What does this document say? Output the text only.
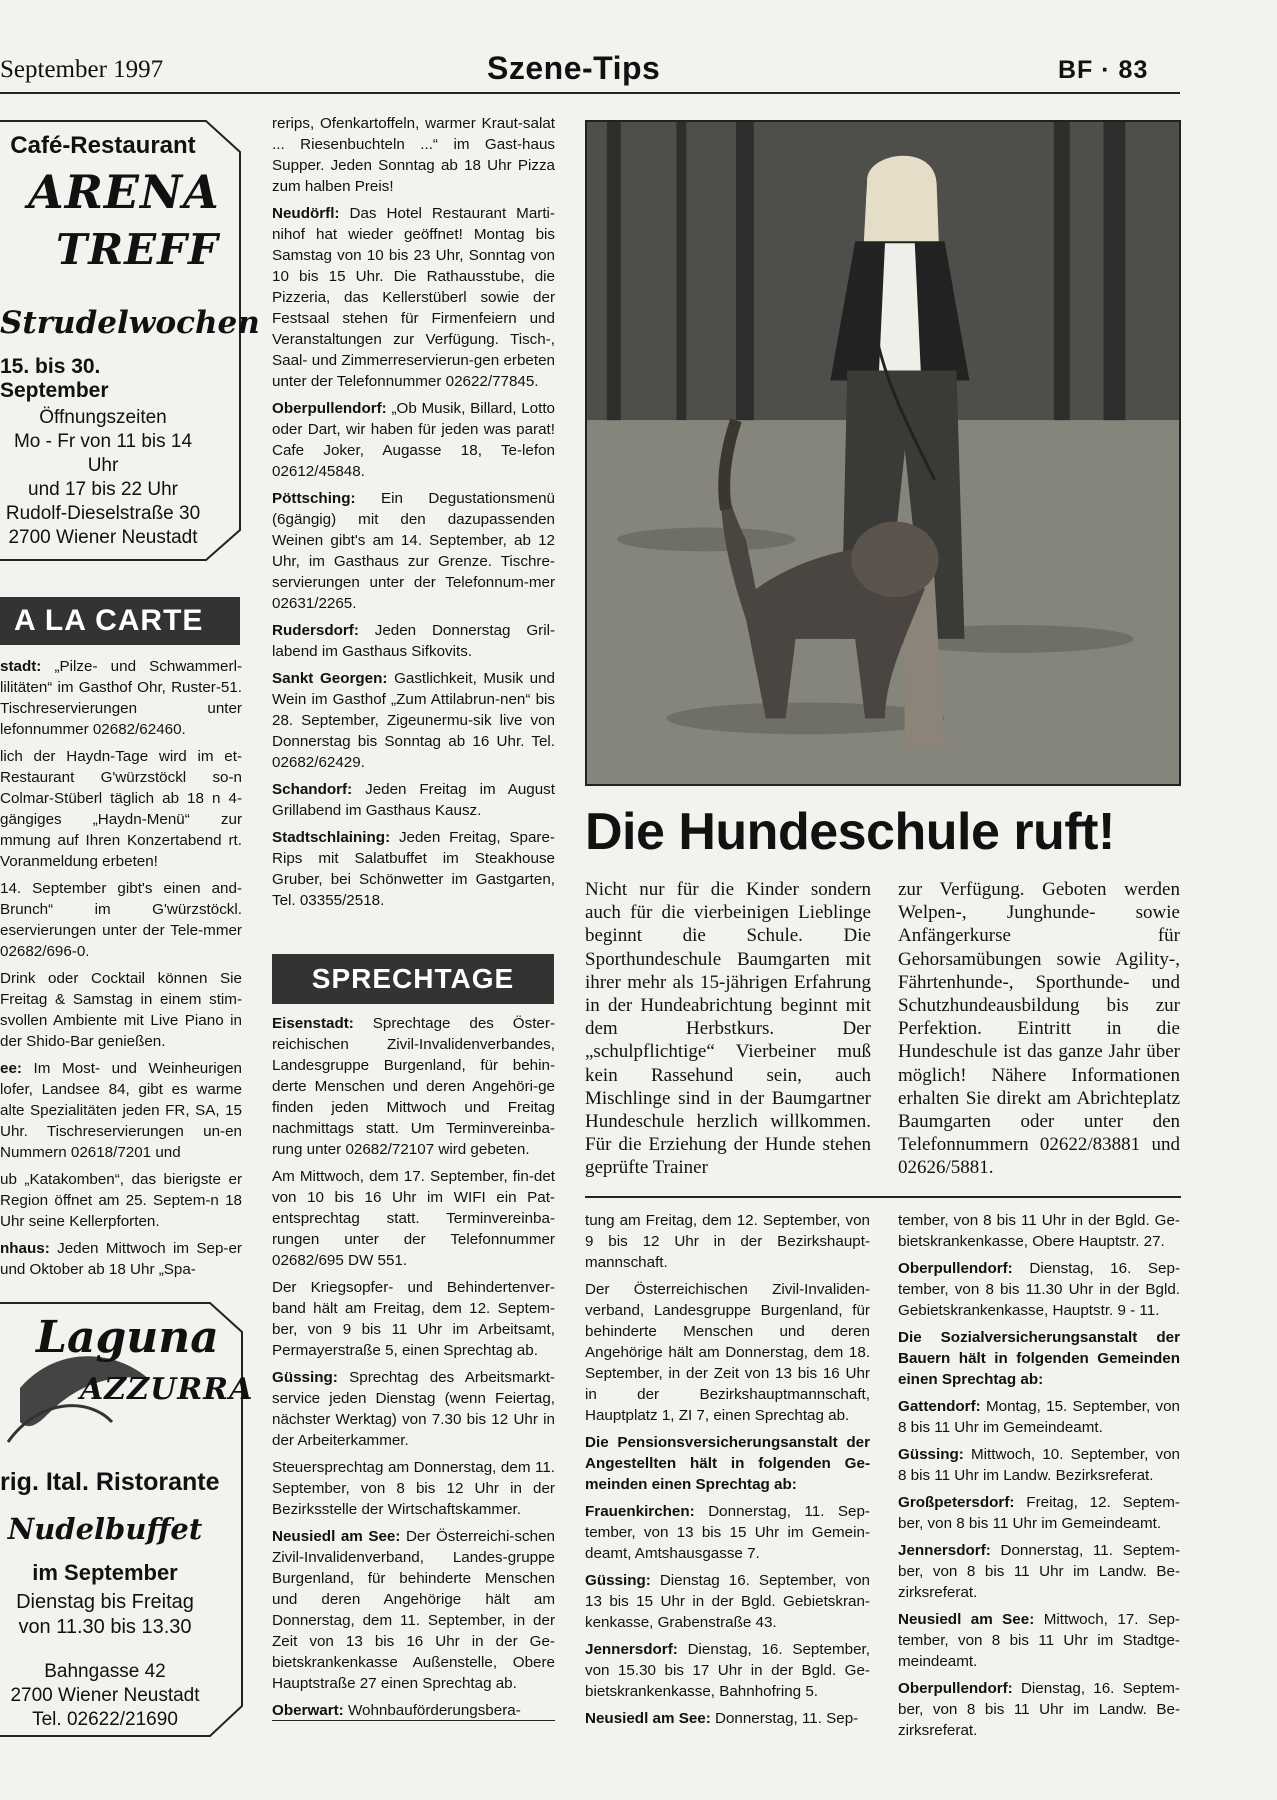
September 1997	Szene-Tips	BF · 83
Café-Restaurant
ARENA
TREFF
Strudelwochen
15. bis 30. September
Öffnungszeiten
Mo - Fr von 11 bis 14 Uhr
und 17 bis 22 Uhr
Rudolf-Dieselstraße 30
2700 Wiener Neustadt
A LA CARTE

stadt: „Pilze- und Schwammerl-lilitäten“ im Gasthof Ohr, Ruster-51. Tischreservierungen unter lefonnummer 02682/62460.

lich der Haydn-Tage wird im et-Restaurant G'würzstöckl so-n Colmar-Stüberl täglich ab 18 n 4-gängiges „Haydn-Menü“ zur mmung auf Ihren Konzertabend rt. Voranmeldung erbeten!

14. September gibt's einen and-Brunch“ im G'würzstöckl. eservierungen unter der Tele-mmer 02682/696-0.

Drink oder Cocktail können Sie Freitag & Samstag in einem stim-svollen Ambiente mit Live Piano in der Shido-Bar genießen.

ee: Im Most- und Weinheurigen lofer, Landsee 84, gibt es warme alte Spezialitäten jeden FR, SA, 15 Uhr. Tischreservierungen un-en Nummern 02618/7201 und

ub „Katakomben“, das bierigste er Region öffnet am 25. Septem-n 18 Uhr seine Kellerpforten.

nhaus: Jeden Mittwoch im Sep-er und Oktober ab 18 Uhr „Spa-

Laguna
AZZURRA
rig. Ital. Ristorante
Nudelbuffet
im September
Dienstag bis Freitag
von 11.30 bis 13.30
Bahngasse 42
2700 Wiener Neustadt
Tel. 02622/21690

rerips, Ofenkartoffeln, warmer Kraut-salat ... Riesenbuchteln ...“ im Gast-haus Supper. Jeden Sonntag ab 18 Uhr Pizza zum halben Preis!

Neudörfl: Das Hotel Restaurant Marti-nihof hat wieder geöffnet! Montag bis Samstag von 10 bis 23 Uhr, Sonntag von 10 bis 15 Uhr. Die Rathausstube, die Pizzeria, das Kellerstüberl sowie der Festsaal stehen für Firmenfeiern und Veranstaltungen zur Verfügung. Tisch-, Saal- und Zimmerreservierun-gen erbeten unter der Telefonnummer 02622/77845.

Oberpullendorf: „Ob Musik, Billard, Lotto oder Dart, wir haben für jeden was parat! Cafe Joker, Augasse 18, Te-lefon 02612/45848.

Pöttsching: Ein Degustationsmenü (6gängig) mit den dazupassenden Weinen gibt's am 14. September, ab 12 Uhr, im Gasthaus zur Grenze. Tischre-servierungen unter der Telefonnum-mer 02631/2265.

Rudersdorf: Jeden Donnerstag Gril-labend im Gasthaus Sifkovits.

Sankt Georgen: Gastlichkeit, Musik und Wein im Gasthof „Zum Attilabrun-nen“ bis 28. September, Zigeunermu-sik live von Donnerstag bis Sonntag ab 16 Uhr. Tel. 02682/62429.

Schandorf: Jeden Freitag im August Grillabend im Gasthaus Kausz.

Stadtschlaining: Jeden Freitag, Spare-Rips mit Salatbuffet im Steakhouse Gruber, bei Schönwetter im Gastgarten, Tel. 03355/2518.

SPRECHTAGE

Eisenstadt: Sprechtage des Öster-reichischen Zivil-Invalidenverbandes, Landesgruppe Burgenland, für behin-derte Menschen und deren Angehöri-ge finden jeden Mittwoch und Freitag nachmittags statt. Um Terminvereinba-rung unter 02682/72107 wird gebeten.

Am Mittwoch, dem 17. September, fin-det von 10 bis 16 Uhr im WIFI ein Pat-entsprechtag statt. Terminvereinba-rungen unter der Telefonnummer 02682/695 DW 551.

Der Kriegsopfer- und Behindertenver-band hält am Freitag, dem 12. Septem-ber, von 9 bis 11 Uhr im Arbeitsamt, Permayerstraße 5, einen Sprechtag ab.

Güssing: Sprechtag des Arbeitsmarkt-service jeden Dienstag (wenn Feiertag, nächster Werktag) von 7.30 bis 12 Uhr in der Arbeiterkammer.

Steuersprechtag am Donnerstag, dem 11. September, von 8 bis 12 Uhr in der Bezirksstelle der Wirtschaftskammer.

Neusiedl am See: Der Österreichi-schen Zivil-Invalidenverband, Landes-gruppe Burgenland, für behinderte Menschen und deren Angehörige hält am Donnerstag, dem 11. September, in der Zeit von 13 bis 16 Uhr in der Ge-bietskrankenkasse Außenstelle, Obere Hauptstraße 27 einen Sprechtag ab.

Oberwart: Wohnbauförderungsbera-

tung am Freitag, dem 12. September, von 9 bis 12 Uhr in der Bezirkshaupt-mannschaft.

Der Österreichischen Zivil-Invaliden-verband, Landesgruppe Burgenland, für behinderte Menschen und deren Angehörige hält am Donnerstag, dem 18. September, in der Zeit von 13 bis 16 Uhr in der Bezirkshauptmannschaft, Hauptplatz 1, ZI 7, einen Sprechtag ab.

Die Pensionsversicherungsanstalt der Angestellten hält in folgenden Ge-meinden einen Sprechtag ab:

Frauenkirchen: Donnerstag, 11. Sep-tember, von 13 bis 15 Uhr im Gemein-deamt, Amtshausgasse 7.

Güssing: Dienstag 16. September, von 13 bis 15 Uhr in der Bgld. Gebietskran-kenkasse, Grabenstraße 43.

Jennersdorf: Dienstag, 16. September, von 15.30 bis 17 Uhr in der Bgld. Ge-bietskrankenkasse, Bahnhofring 5.

Neusiedl am See: Donnerstag, 11. Sep-

tember, von 8 bis 11 Uhr in der Bgld. Ge-bietskrankenkasse, Obere Hauptstr. 27.

Oberpullendorf: Dienstag, 16. Sep-tember, von 8 bis 11.30 Uhr in der Bgld. Gebietskrankenkasse, Hauptstr. 9 - 11.

Die Sozialversicherungsanstalt der Bauern hält in folgenden Gemeinden einen Sprechtag ab:

Gattendorf: Montag, 15. September, von 8 bis 11 Uhr im Gemeindeamt.

Güssing: Mittwoch, 10. September, von 8 bis 11 Uhr im Landw. Bezirksreferat.

Großpetersdorf: Freitag, 12. Septem-ber, von 8 bis 11 Uhr im Gemeindeamt.

Jennersdorf: Donnerstag, 11. Septem-ber, von 8 bis 11 Uhr im Landw. Be-zirksreferat.

Neusiedl am See: Mittwoch, 17. Sep-tember, von 8 bis 11 Uhr im Stadtge-meindeamt.

Oberpullendorf: Dienstag, 16. Septem-ber, von 8 bis 11 Uhr im Landw. Be-zirksreferat.

Die Hundeschule ruft!
Nicht nur für die Kinder sondern auch für die vierbeinigen Lieblinge beginnt die Schule. Die Sporthundeschule Baumgarten mit ihrer mehr als 15-jährigen Erfahrung in der Hundeabrichtung beginnt mit dem Herbstkurs. Der „schulpflichtige“ Vierbeiner muß kein Rassehund sein, auch Mischlinge sind in der Baumgartner Hundeschule herzlich willkommen. Für die Erziehung der Hunde stehen geprüfte Trainer
zur Verfügung. Geboten werden Welpen-, Junghunde- sowie Anfängerkurse für Gehorsamübungen sowie Agility-, Fährtenhunde-, Sporthunde- und Schutzhundeausbildung bis zur Perfektion. Eintritt in die Hundeschule ist das ganze Jahr über möglich! Nähere Informationen erhalten Sie direkt am Abrichteplatz Baumgarten oder unter den Telefonnummern 02622/83881 und 02626/5881.
